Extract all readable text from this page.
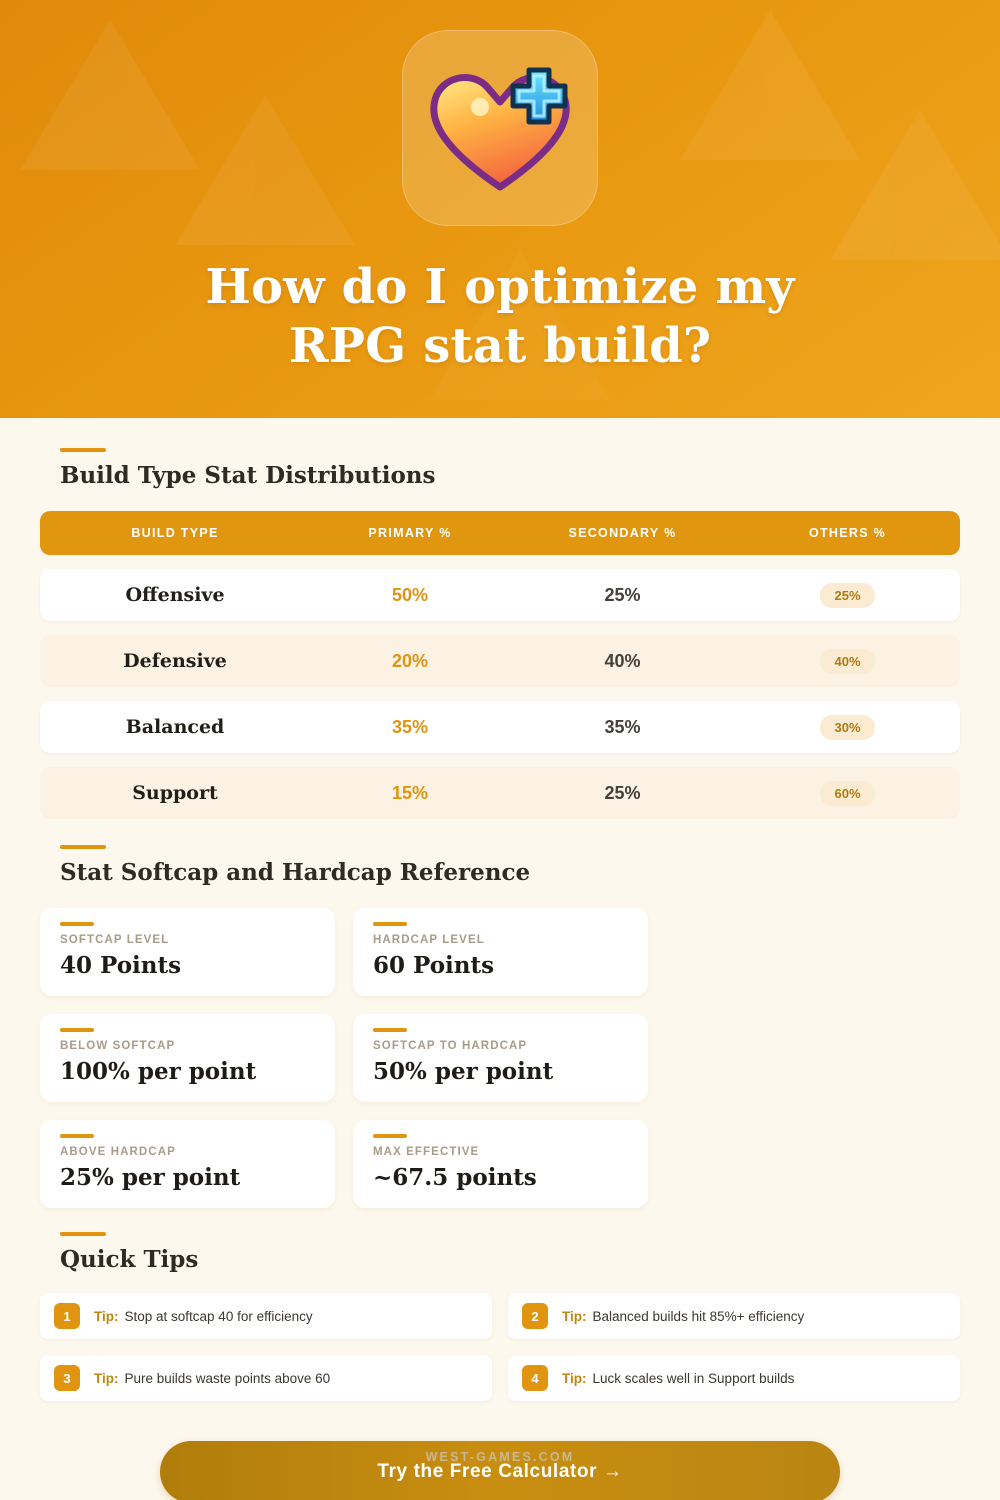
How do I optimize my
RPG stat build?
Build Type Stat Distributions
BUILD TYPE	PRIMARY %	SECONDARY %	OTHERS %
Offensive	50%	25%	25%
Defensive	20%	40%	40%
Balanced	35%	35%	30%
Support	15%	25%	60%
Stat Softcap and Hardcap Reference
SOFTCAP LEVEL
40 Points
HARDCAP LEVEL
60 Points
BELOW SOFTCAP
100% per point
SOFTCAP TO HARDCAP
50% per point
ABOVE HARDCAP
25% per point
MAX EFFECTIVE
~67.5 points
Quick Tips
1	Tip: Stop at softcap 40 for efficiency	2	Tip: Balanced builds hit 85%+ efficiency
3	Tip: Pure builds waste points above 60	4	Tip: Luck scales well in Support builds
Try the Free Calculator →
WEST-GAMES.COM
